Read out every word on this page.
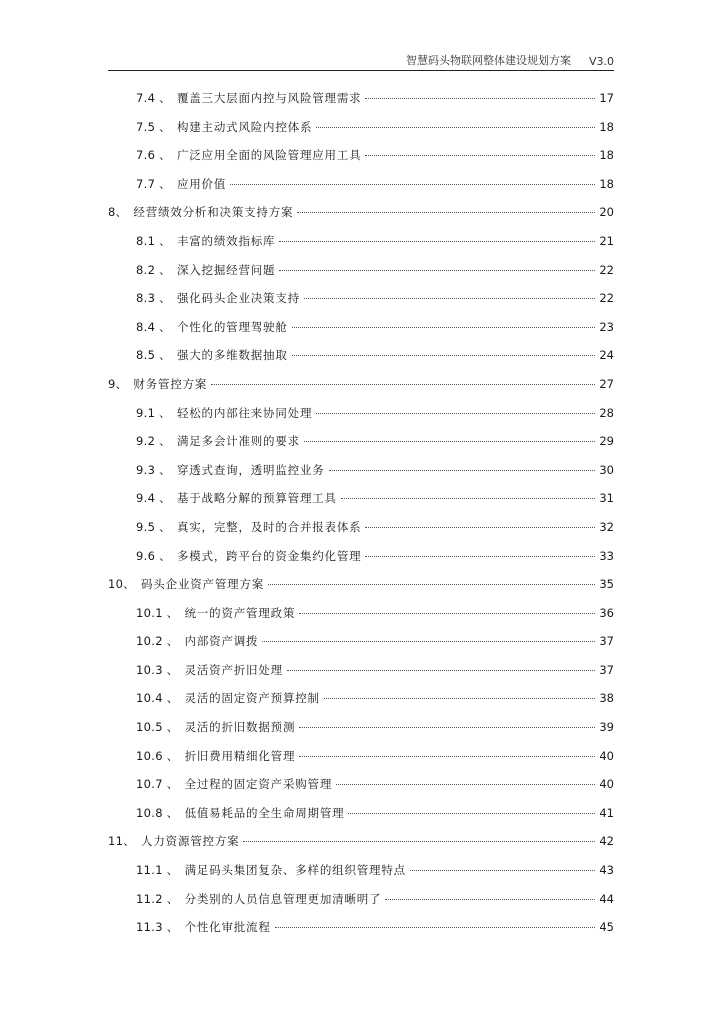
智慧码头物联网整体建设规划方案 V3.0
7.4 、 覆盖三大层面内控与风险管理需求	17
7.5 、 构建主动式风险内控体系	18
7.6 、 广泛应用全面的风险管理应用工具	18
7.7 、 应用价值	18
8、 经营绩效分析和决策支持方案	20
8.1 、 丰富的绩效指标库	21
8.2 、 深入挖掘经营问题	22
8.3 、 强化码头企业决策支持	22
8.4 、 个性化的管理驾驶舱	23
8.5 、 强大的多维数据抽取	24
9、 财务管控方案	27
9.1 、 轻松的内部往来协同处理	28
9.2 、 满足多会计准则的要求	29
9.3 、 穿透式查询，透明监控业务	30
9.4 、 基于战略分解的预算管理工具	31
9.5 、 真实，完整，及时的合并报表体系	32
9.6 、 多模式，跨平台的资金集约化管理	33
10、 码头企业资产管理方案	35
10.1 、 统一的资产管理政策	36
10.2 、 内部资产调拨	37
10.3 、 灵活资产折旧处理	37
10.4 、 灵活的固定资产预算控制	38
10.5 、 灵活的折旧数据预测	39
10.6 、 折旧费用精细化管理	40
10.7 、 全过程的固定资产采购管理	40
10.8 、 低值易耗品的全生命周期管理	41
11、 人力资源管控方案	42
11.1 、 满足码头集团复杂、多样的组织管理特点	43
11.2 、 分类别的人员信息管理更加清晰明了	44
11.3 、 个性化审批流程	45
